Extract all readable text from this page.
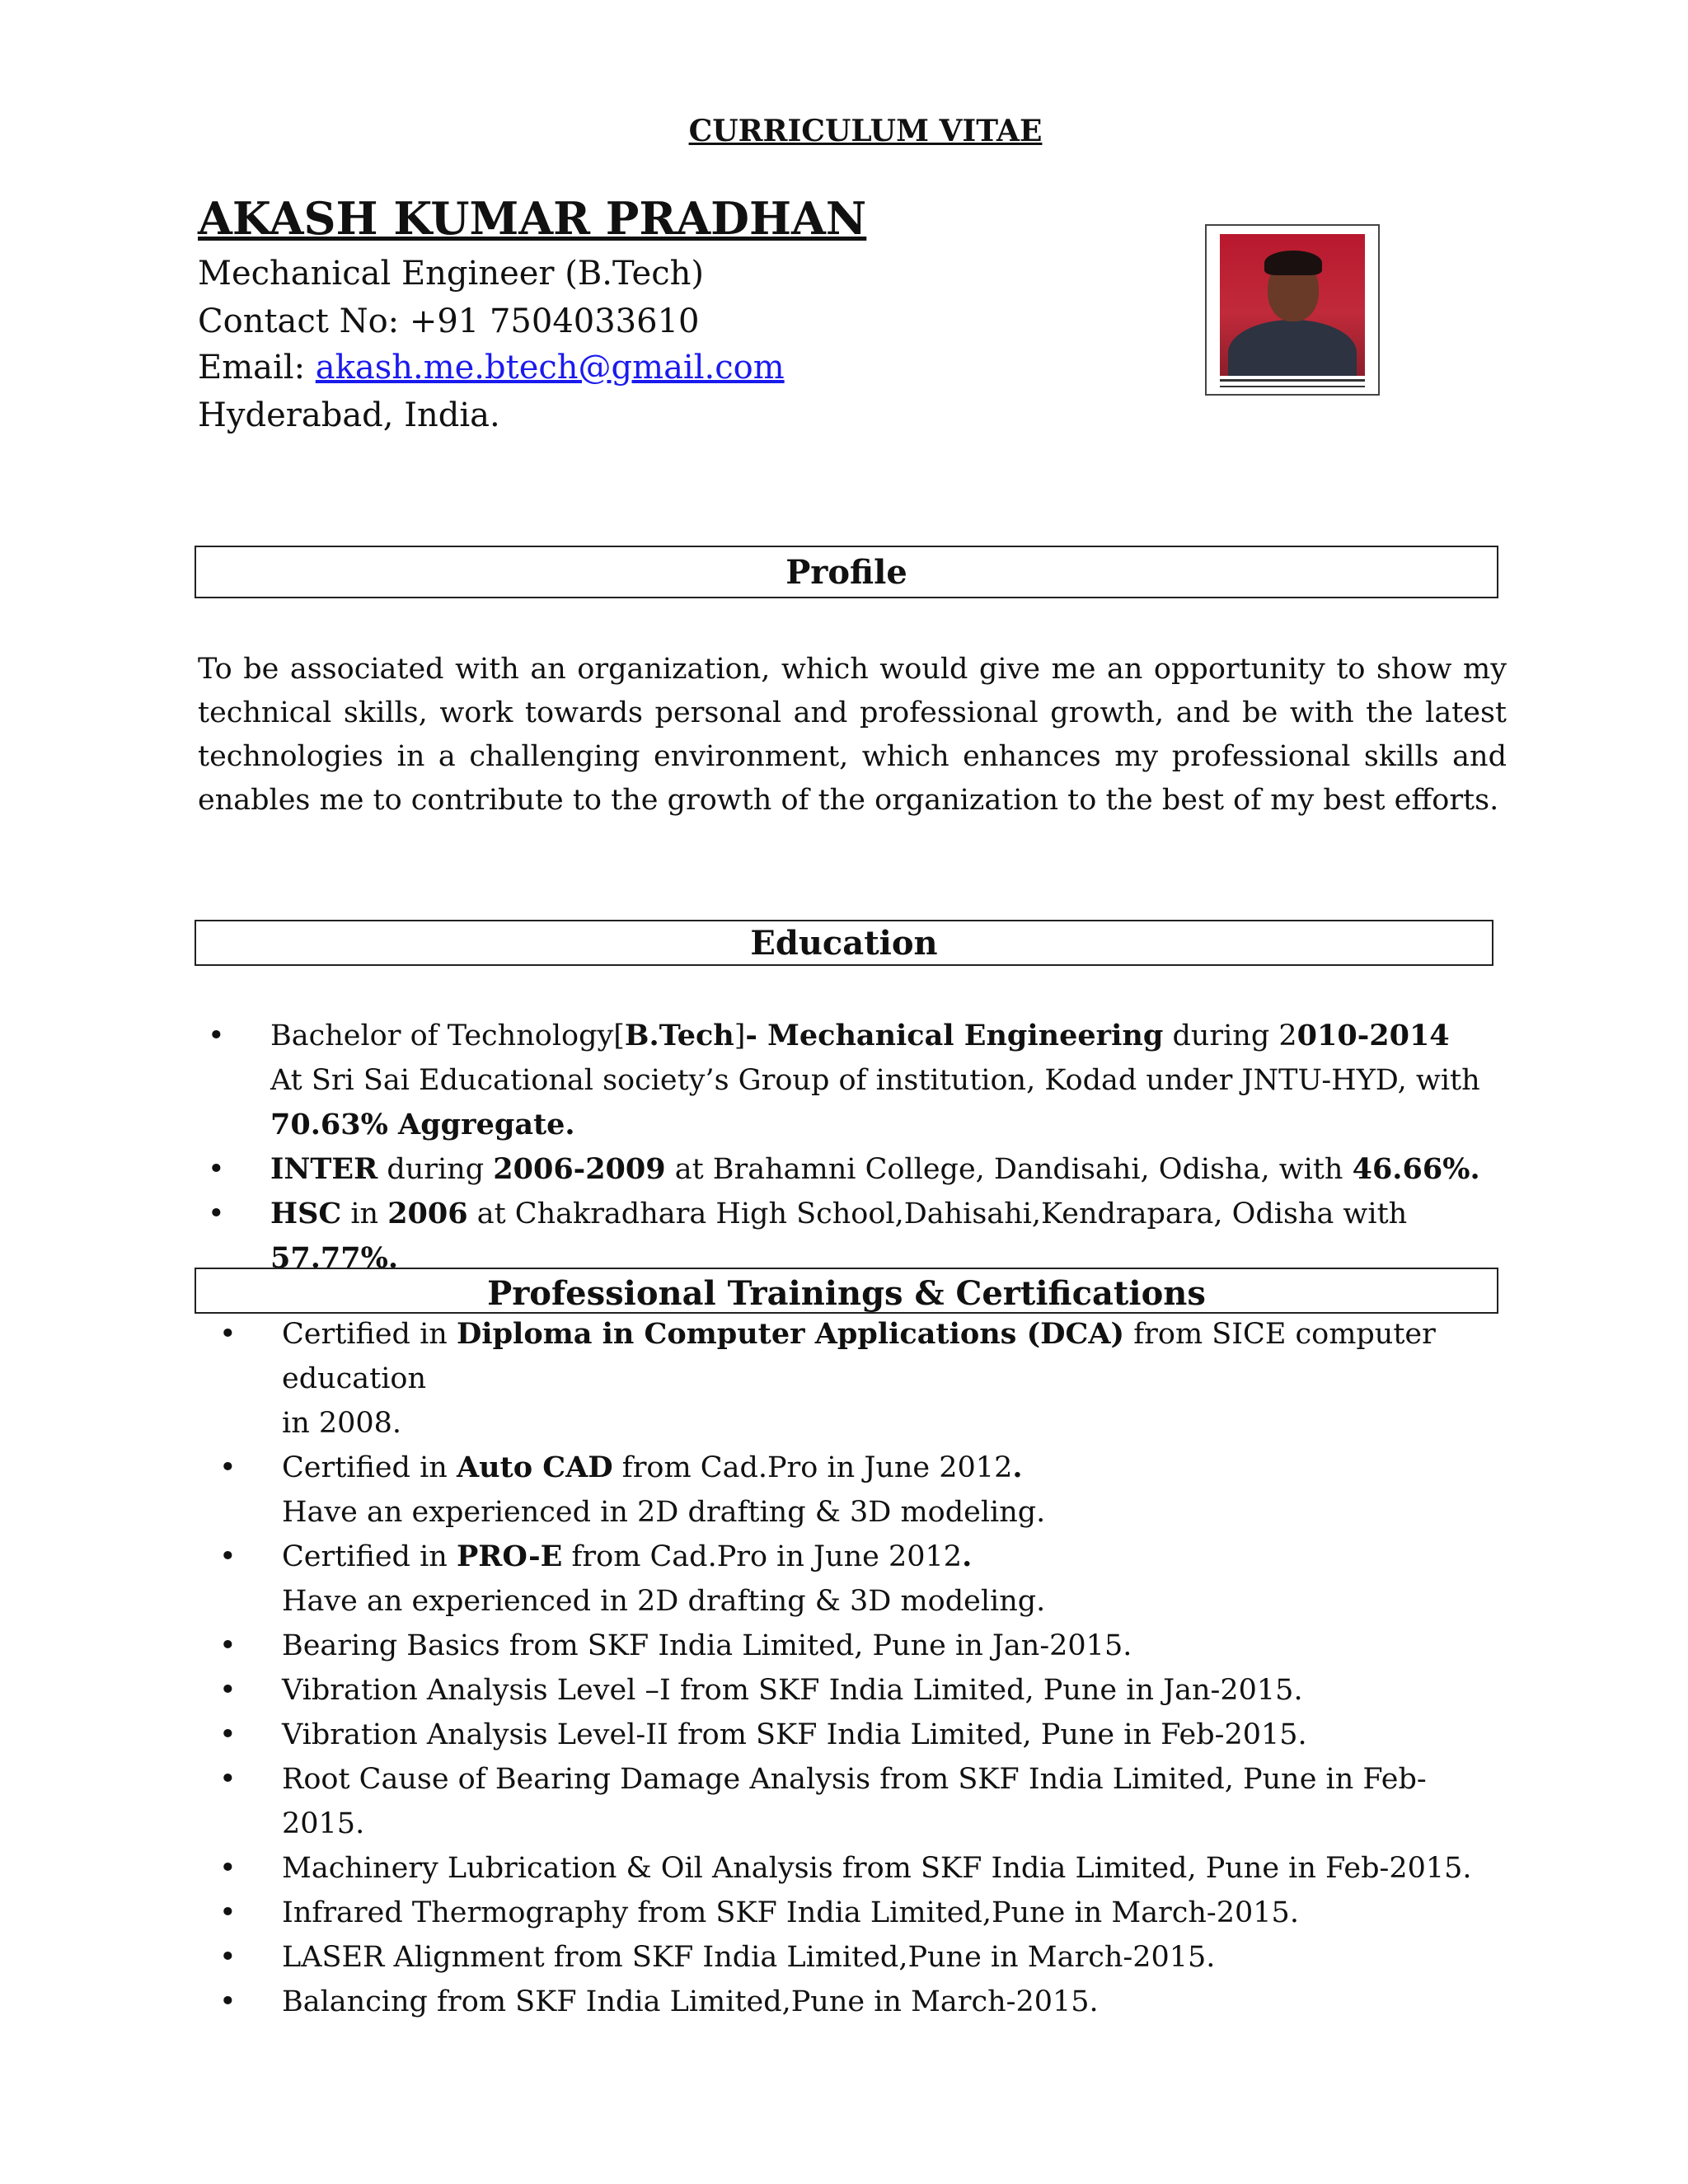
CURRICULUM VITAE
AKASH KUMAR PRADHAN
Mechanical Engineer (B.Tech)
Contact No: +91 7504033610
Email: akash.me.btech@gmail.com
Hyderabad, India.
Profile
To be associated with an organization, which would give me an opportunity to show my technical skills, work towards personal and professional growth, and be with the latest technologies in a challenging environment, which enhances my professional skills and enables me to contribute to the growth of the organization to the best of my best efforts.
Education
• Bachelor of Technology[B.Tech]- Mechanical Engineering during 2010-2014
At Sri Sai Educational society’s Group of institution, Kodad under JNTU-HYD, with
70.63% Aggregate.
• INTER during 2006-2009 at Brahamni College, Dandisahi, Odisha, with 46.66%.
• HSC in 2006 at Chakradhara High School,Dahisahi,Kendrapara, Odisha with 57.77%.
Professional Trainings & Certifications
• Certified in Diploma in Computer Applications (DCA) from SICE computer education
in 2008.
• Certified in Auto CAD from Cad.Pro in June 2012.
Have an experienced in 2D drafting & 3D modeling.
• Certified in PRO-E from Cad.Pro in June 2012.
Have an experienced in 2D drafting & 3D modeling.
• Bearing Basics from SKF India Limited, Pune in Jan-2015.
• Vibration Analysis Level –I from SKF India Limited, Pune in Jan-2015.
• Vibration Analysis Level-II from SKF India Limited, Pune in Feb-2015.
• Root Cause of Bearing Damage Analysis from SKF India Limited, Pune in Feb-2015.
• Machinery Lubrication & Oil Analysis from SKF India Limited, Pune in Feb-2015.
• Infrared Thermography from SKF India Limited,Pune in March-2015.
• LASER Alignment from SKF India Limited,Pune in March-2015.
• Balancing from SKF India Limited,Pune in March-2015.
